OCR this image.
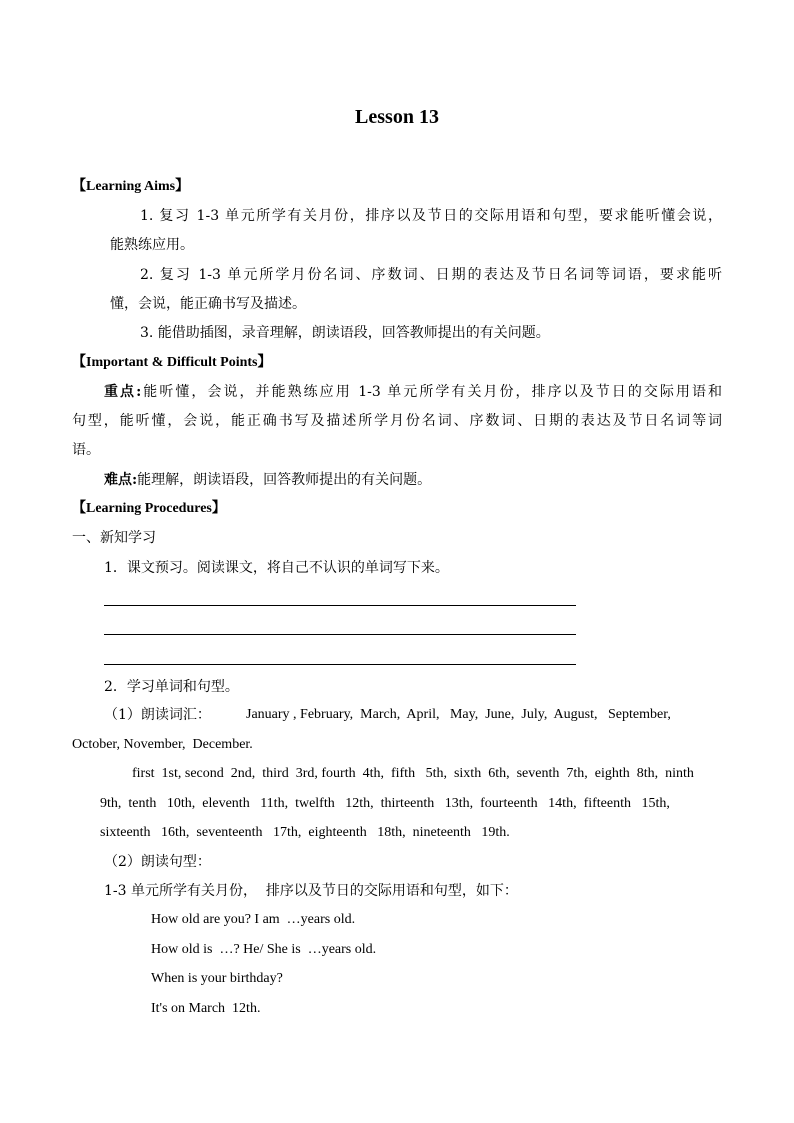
Lesson 13
【Learning Aims】
1. 复习 1-3 单元所学有关月份，排序以及节日的交际用语和句型，要求能听懂会说，
能熟练应用。
2. 复习 1-3 单元所学月份名词、序数词、日期的表达及节日名词等词语，要求能听
懂，会说，能正确书写及描述。
3. 能借助插图，录音理解，朗读语段，回答教师提出的有关问题。
【Important & Difficult Points】
重点:能听懂，会说，并能熟练应用 1-3 单元所学有关月份，排序以及节日的交际用语和
句型，能听懂，会说，能正确书写及描述所学月份名词、序数词、日期的表达及节日名词等词
语。
难点:能理解，朗读语段，回答教师提出的有关问题。
【Learning Procedures】
一、新知学习
1．课文预习。阅读课文，将自己不认识的单词写下来。
2．学习单词和句型。
（1）朗读词汇：	January , February,  March,  April,   May,  June,  July,  August,   September,
October, November,  December.
first  1st, second  2nd,  third  3rd, fourth  4th,  fifth   5th,  sixth  6th,  seventh  7th,  eighth  8th,  ninth
9th,  tenth   10th,  eleventh   11th,  twelfth   12th,  thirteenth   13th,  fourteenth   14th,  fifteenth   15th,
sixteenth   16th,  seventeenth   17th,  eighteenth   18th,  nineteenth   19th.
（2）朗读句型：
1-3 单元所学有关月份，  排序以及节日的交际用语和句型，如下：
How old are you? I am  …years old.
How old is  …? He/ She is  …years old.
When is your birthday?
It's on March  12th.
